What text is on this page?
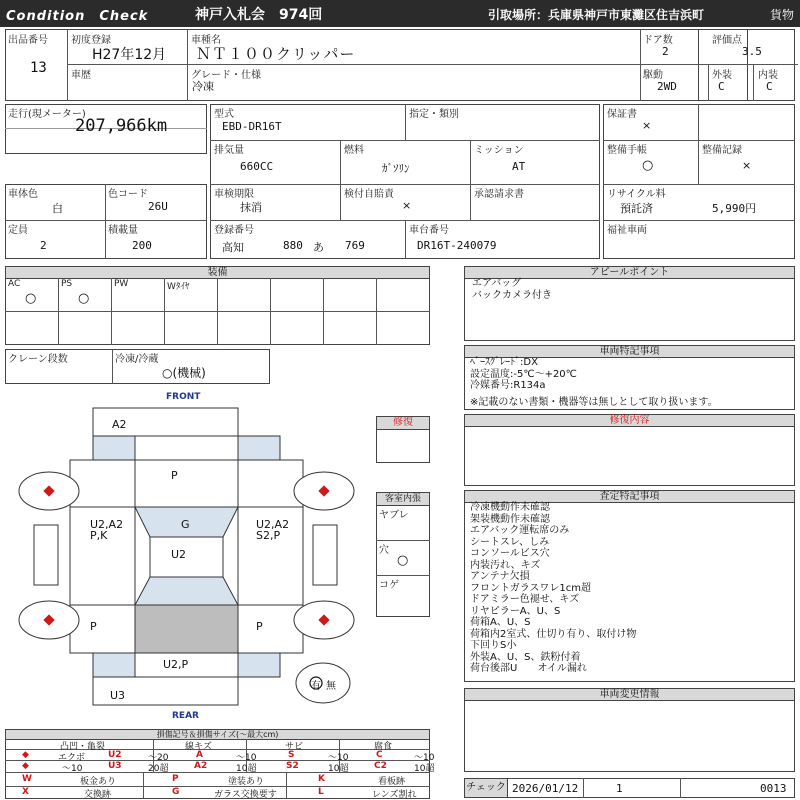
Condition　Check	神戸入札会　974回	引取場所：兵庫県神戸市東灘区住吉浜町	貨物
出品番号
13
初度登録
H27年12月
車種名
ＮＴ１００クリッパー
ドア数
2
評価点
3.5
車歴	グレード・仕様
冷凍
駆動
2WD
外装
C
内装
C
走行(現メーター)
207,966km
型式
EBD-DR16T
指定・類別
排気量
660CC
燃料
ｶﾞｿﾘﾝ
ミッション
AT
車検期限
抹消
検付自賠責
×
承認請求書
登録番号
高知	880 あ 769
車台番号
DR16T-240079
車体色
白
色コード
26U
定員
2
積載量
200
保証書
×
整備手帳
○
整備記録
×
リサイクル料
預託済	5,990円
福祉車両
装備
AC
○
PS
○
PW	Wﾀｲﾔ
クレーン段数	冷凍/冷蔵
○(機械)
アピールポイント
エアバッグ
バックカメラ付き
車両特記事項
ﾍﾞｰｽｸﾞﾚｰﾄﾞ:DX
設定温度:-5℃～+20℃
冷媒番号:R134a
※記載のない書類・機器等は無しとして取り扱います。
修復内容
査定特記事項
冷凍機動作未確認
架装機動作未確認
エアバック運転席のみ
シートスレ、しみ
コンソールビス穴
内装汚れ、キズ
アンテナ欠損
フロントガラスワレ1cm超
ドアミラー色褪せ、キズ
リヤピラーA、U、S
荷箱A、U、S
荷箱内2室式、仕切り有り、取付け物
下回りS小
外装A、U、S、鉄粉付着
荷台後部U　　オイル漏れ
車両変更情報
修復
客室内張
ヤブレ
穴
○
コゲ
FRONT
REAR
A2
P
G
U2
U2,A2
P,K
U2,A2
S2,P
P	P
U2,P
U3
有 無
損傷記号＆損傷サイズ(～最大cm)
凸凹・亀裂	線キズ	サビ	腐食
◆	エクボ	U2	～20	A	～10	S	～10	C	～10
◆	～10	U3	20超	A2	10超	S2	10超	C2	10超
W	板金あり	P	塗装あり	K	看板跡
X	交換跡	G	ガラス交換要す	L	レンズ割れ
チェック 2026/01/12	1	0013
